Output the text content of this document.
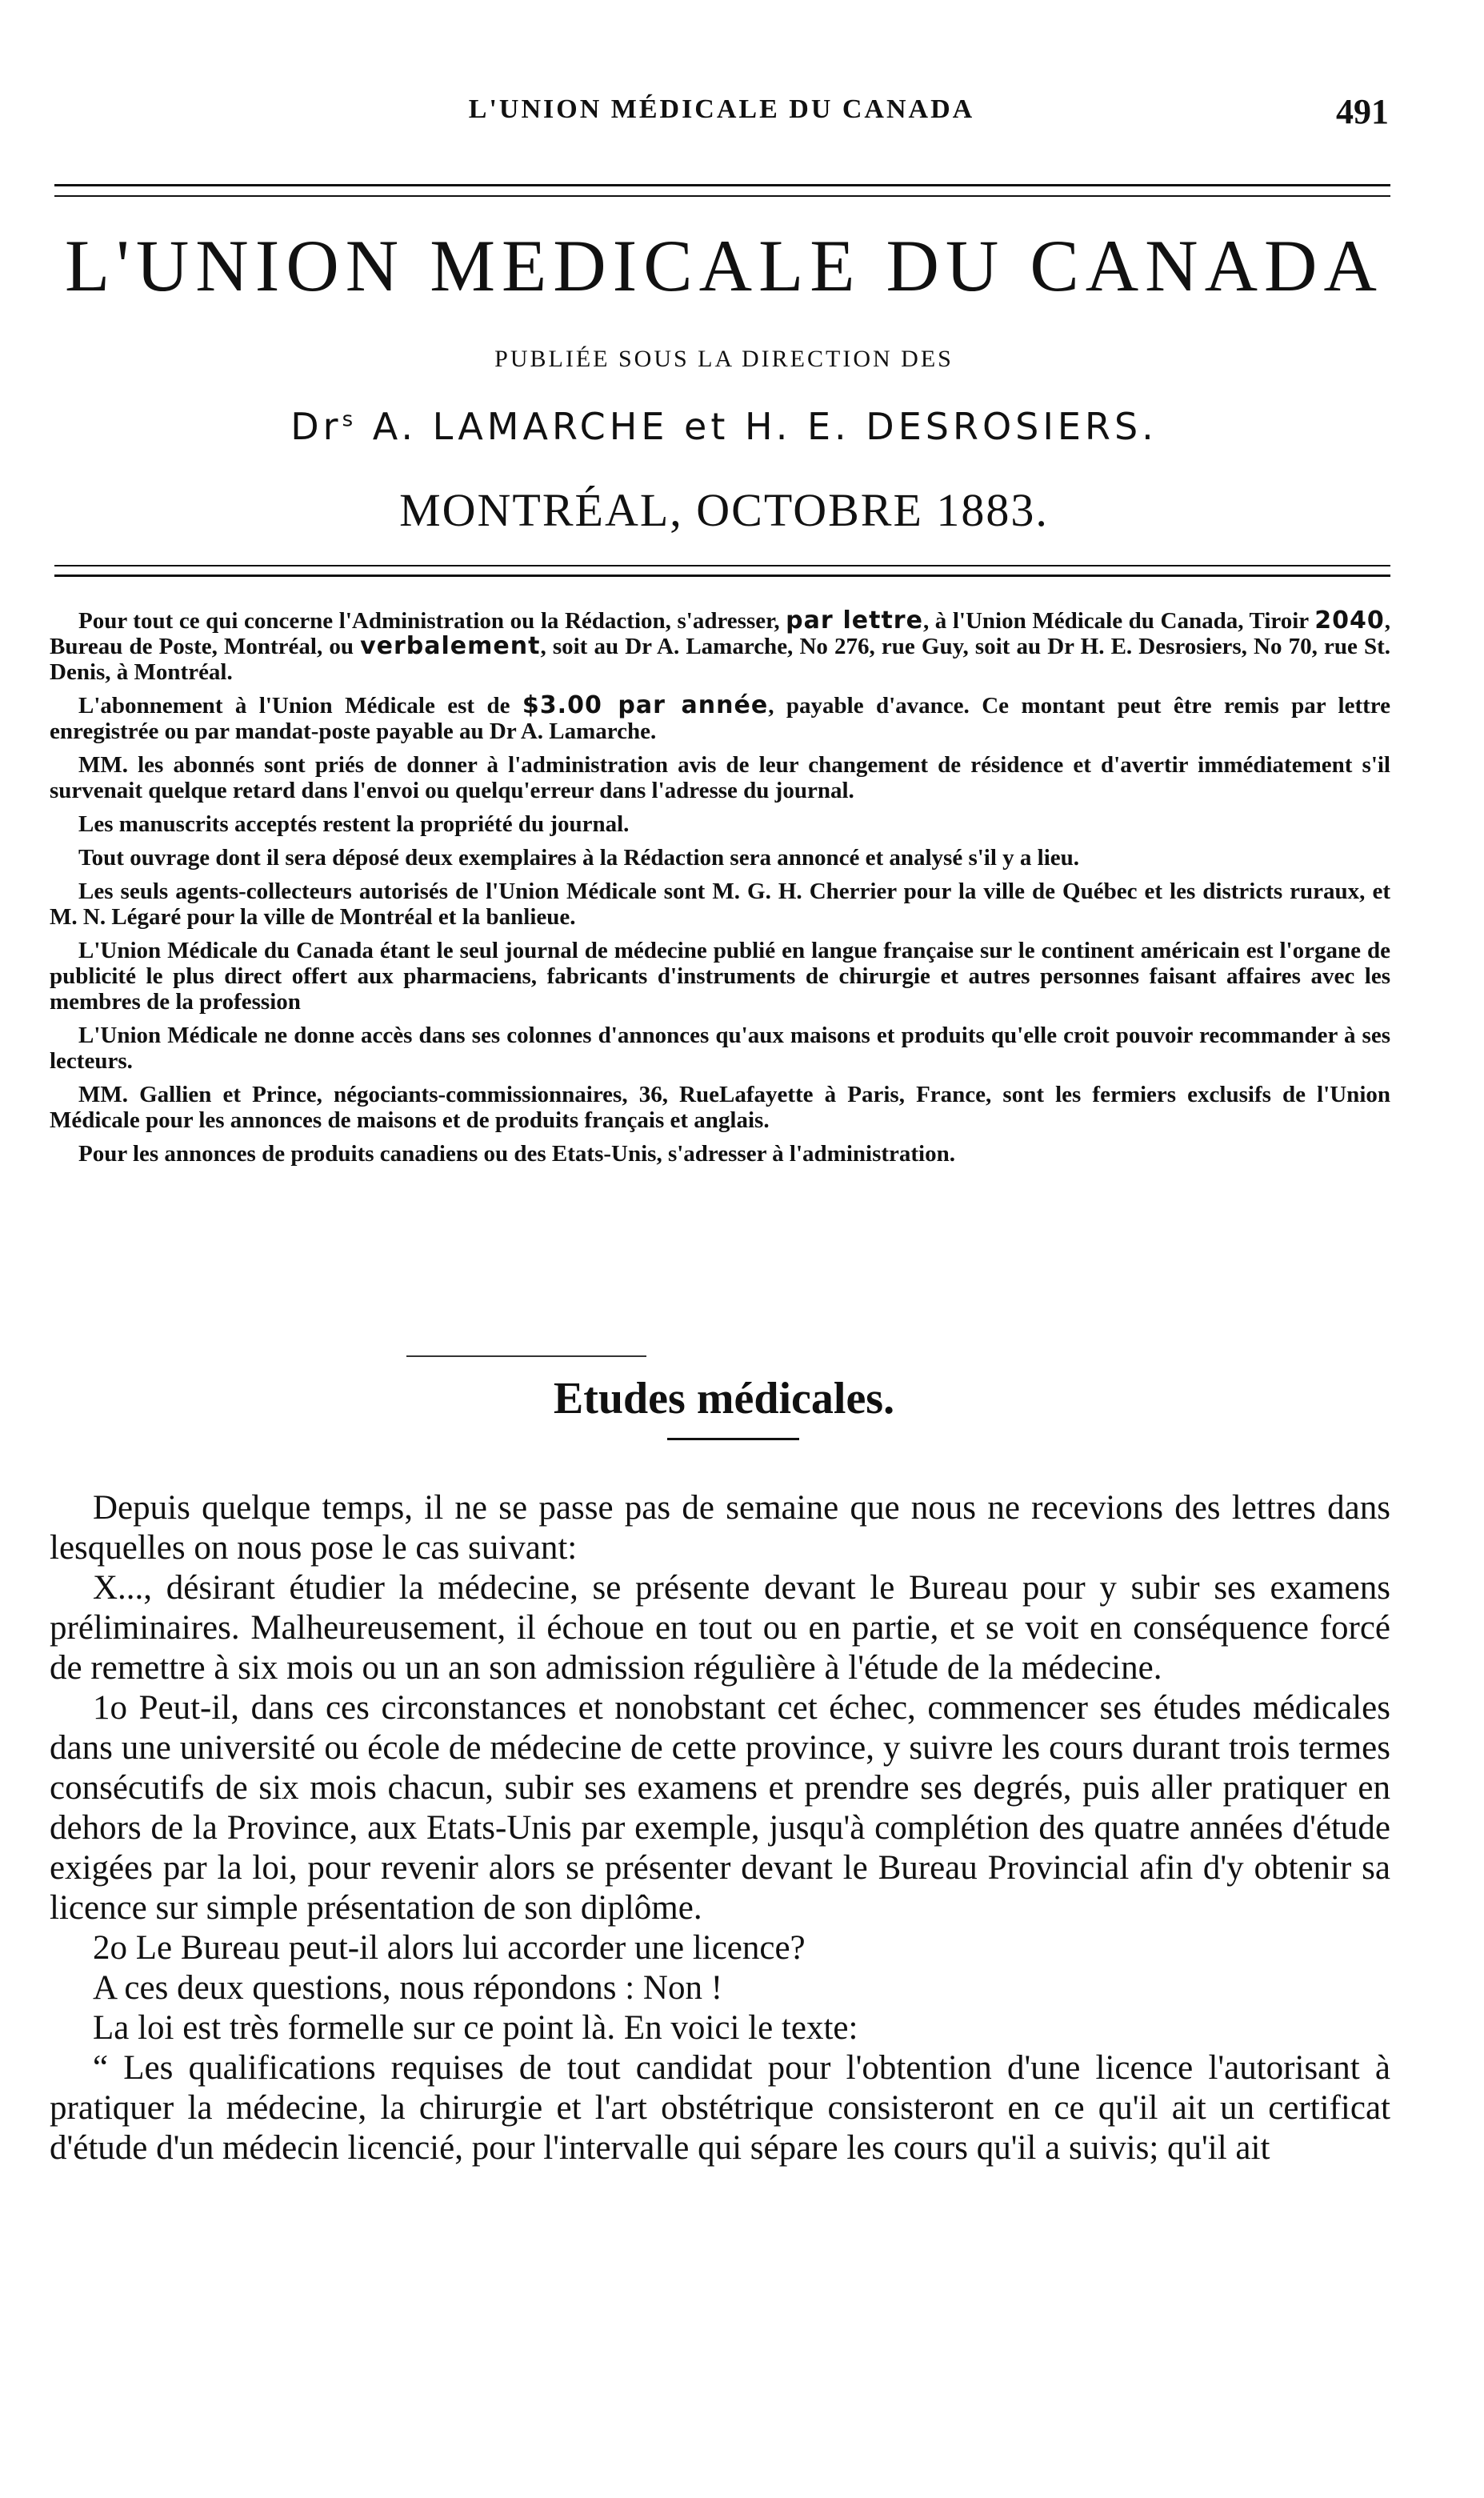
L'UNION MÉDICALE DU CANADA	491
L'UNION MEDICALE DU CANADA
PUBLIÉE SOUS LA DIRECTION DES
Dr$^s$ A. LAMARCHE et H. E. DESROSIERS.
MONTRÉAL, OCTOBRE 1883.

Pour tout ce qui concerne l'Administration ou la Rédaction, s'adresser, par lettre, à l'Union Médicale du Canada, Tiroir 2040, Bureau de Poste, Montréal, ou verbalement, soit au Dr A. Lamarche, No 276, rue Guy, soit au Dr H. E. Desrosiers, No 70, rue St. Denis, à Montréal.

L'abonnement à l'Union Médicale est de $3.00 par année, payable d'avance. Ce montant peut être remis par lettre enregistrée ou par mandat-poste payable au Dr A. Lamarche.

MM. les abonnés sont priés de donner à l'administration avis de leur changement de résidence et d'avertir immédiatement s'il survenait quelque retard dans l'envoi ou quelqu'erreur dans l'adresse du journal.

Les manuscrits acceptés restent la propriété du journal.

Tout ouvrage dont il sera déposé deux exemplaires à la Rédaction sera annoncé et analysé s'il y a lieu.

Les seuls agents-collecteurs autorisés de l'Union Médicale sont M. G. H. Cherrier pour la ville de Québec et les districts ruraux, et M. N. Légaré pour la ville de Montréal et la banlieue.

L'Union Médicale du Canada étant le seul journal de médecine publié en langue française sur le continent américain est l'organe de publicité le plus direct offert aux pharmaciens, fabricants d'instruments de chirurgie et autres personnes faisant affaires avec les membres de la profession

L'Union Médicale ne donne accès dans ses colonnes d'annonces qu'aux maisons et produits qu'elle croit pouvoir recommander à ses lecteurs.

MM. Gallien et Prince, négociants-commissionnaires, 36, RueLafayette à Paris, France, sont les fermiers exclusifs de l'Union Médicale pour les annonces de maisons et de produits français et anglais.

Pour les annonces de produits canadiens ou des Etats-Unis, s'adresser à l'administration.

Etudes médicales.

Depuis quelque temps, il ne se passe pas de semaine que nous ne recevions des lettres dans lesquelles on nous pose le cas suivant:

X..., désirant étudier la médecine, se présente devant le Bureau pour y subir ses examens préliminaires. Malheureusement, il échoue en tout ou en partie, et se voit en conséquence forcé de remettre à six mois ou un an son admission régulière à l'étude de la médecine.

1o Peut-il, dans ces circonstances et nonobstant cet échec, commencer ses études médicales dans une université ou école de médecine de cette province, y suivre les cours durant trois termes consécutifs de six mois chacun, subir ses examens et prendre ses degrés, puis aller pratiquer en dehors de la Province, aux Etats-Unis par exemple, jusqu'à complétion des quatre années d'étude exigées par la loi, pour revenir alors se présenter devant le Bureau Provincial afin d'y obtenir sa licence sur simple présentation de son diplôme.

2o Le Bureau peut-il alors lui accorder une licence?

A ces deux questions, nous répondons : Non !

La loi est très formelle sur ce point là. En voici le texte:

“ Les qualifications requises de tout candidat pour l'obtention d'une licence l'autorisant à pratiquer la médecine, la chirurgie et l'art obstétrique consisteront en ce qu'il ait un certificat d'étude d'un médecin licencié, pour l'intervalle qui sépare les cours qu'il a suivis; qu'il ait
